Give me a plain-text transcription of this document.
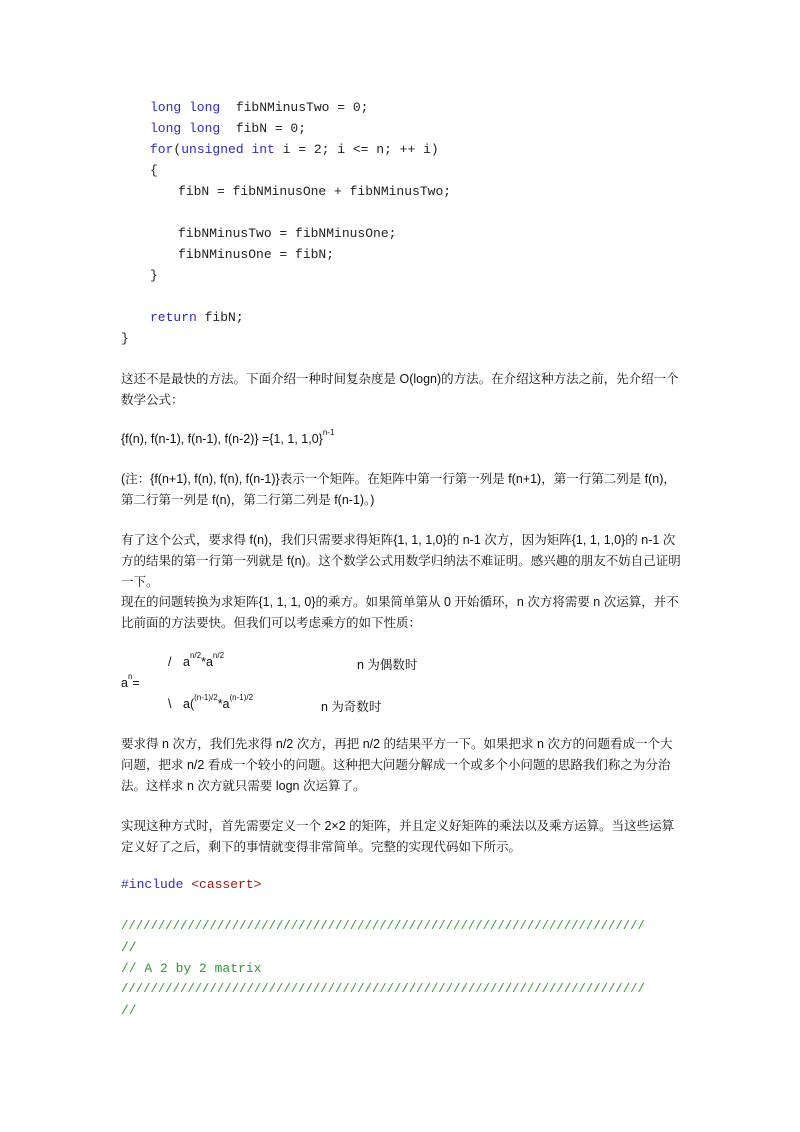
long long  fibNMinusTwo = 0;
long long  fibN = 0;
for(unsigned int i = 2; i <= n; ++ i)
{
fibN = fibNMinusOne + fibNMinusTwo;
fibNMinusTwo = fibNMinusOne;
fibNMinusOne = fibN;
}
return fibN;
}
这还不是最快的方法。下面介绍一种时间复杂度是 O(logn)的方法。在介绍这种方法之前，先介绍一个数学公式：
{f(n), f(n-1), f(n-1), f(n-2)} ={1, 1, 1,0}$^{n-1}$
(注：{f(n+1), f(n), f(n), f(n-1)}表示一个矩阵。在矩阵中第一行第一列是 f(n+1)，第一行第二列是 f(n)，第二行第一列是 f(n)，第二行第二列是 f(n-1)。)
有了这个公式，要求得 f(n)，我们只需要求得矩阵{1, 1, 1,0}的 n-1 次方，因为矩阵{1, 1, 1,0}的 n-1 次方的结果的第一行第一列就是 f(n)。这个数学公式用数学归纳法不难证明。感兴趣的朋友不妨自己证明一下。
现在的问题转换为求矩阵{1, 1, 1, 0}的乘方。如果简单第从 0 开始循环，n 次方将需要 n 次运算，并不比前面的方法要快。但我们可以考虑乘方的如下性质：
/ $a^{n/2}*a^{n/2}$
n 为偶数时
$a^n=$
\ $a(^{(n-1)/2}*a^{(n-1)/2}$
n 为奇数时
要求得 n 次方，我们先求得 n/2 次方，再把 n/2 的结果平方一下。如果把求 n 次方的问题看成一个大问题，把求 n/2 看成一个较小的问题。这种把大问题分解成一个或多个小问题的思路我们称之为分治法。这样求 n 次方就只需要 logn 次运算了。
实现这种方式时，首先需要定义一个 2×2 的矩阵，并且定义好矩阵的乘法以及乘方运算。当这些运算定义好了之后，剩下的事情就变得非常简单。完整的实现代码如下所示。
#include <cassert>
///////////////////////////////////////////////////////////////////////
//
// A 2 by 2 matrix
///////////////////////////////////////////////////////////////////////
//
